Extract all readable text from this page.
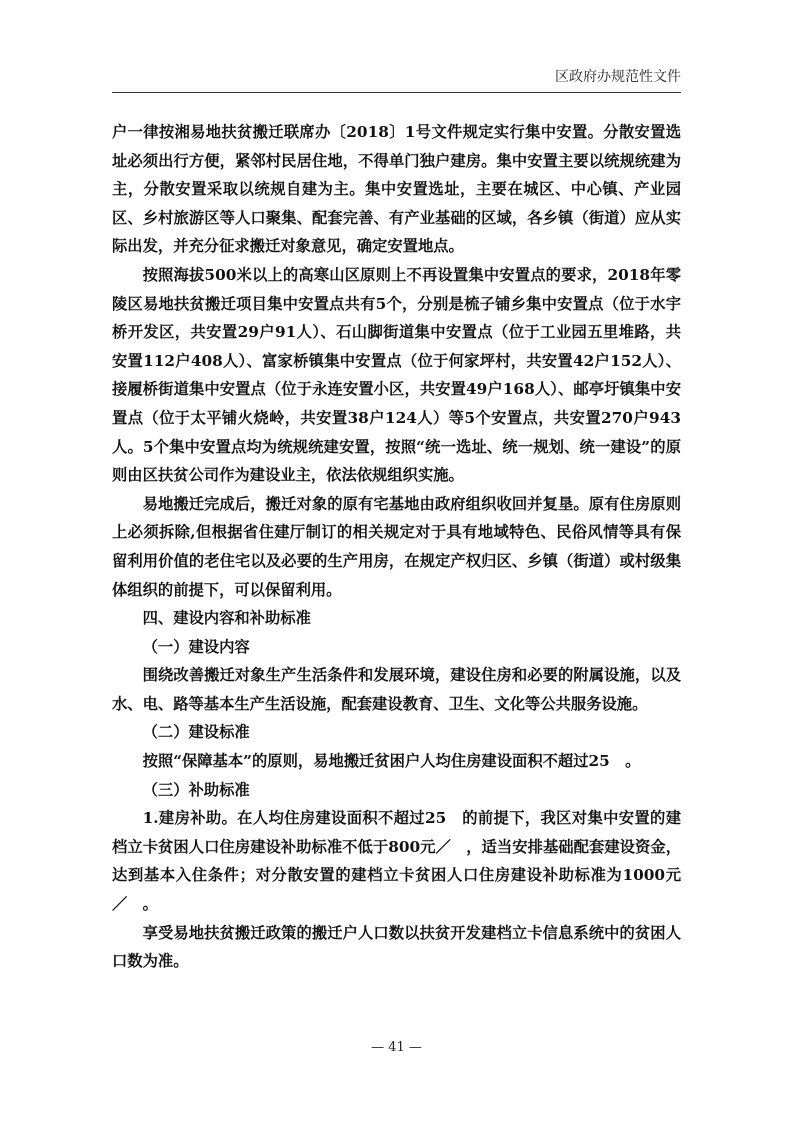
区政府办规范性文件

户一律按湘易地扶贫搬迁联席办〔2018〕1号文件规定实行集中安置。分散安置选址必须出行方便，紧邻村民居住地，不得单门独户建房。集中安置主要以统规统建为主，分散安置采取以统规自建为主。集中安置选址，主要在城区、中心镇、产业园区、乡村旅游区等人口聚集、配套完善、有产业基础的区域，各乡镇（街道）应从实际出发，并充分征求搬迁对象意见，确定安置地点。

按照海拔500米以上的高寒山区原则上不再设置集中安置点的要求，2018年零陵区易地扶贫搬迁项目集中安置点共有5个，分别是梳子铺乡集中安置点（位于水宇桥开发区，共安置29户91人）、石山脚街道集中安置点（位于工业园五里堆路，共安置112户408人）、富家桥镇集中安置点（位于何家坪村，共安置42户152人）、接履桥街道集中安置点（位于永连安置小区，共安置49户168人）、邮亭圩镇集中安置点（位于太平铺火烧岭，共安置38户124人）等5个安置点，共安置270户943人。5个集中安置点均为统规统建安置，按照“统一选址、统一规划、统一建设”的原则由区扶贫公司作为建设业主，依法依规组织实施。

易地搬迁完成后，搬迁对象的原有宅基地由政府组织收回并复垦。原有住房原则上必须拆除,但根据省住建厅制订的相关规定对于具有地域特色、民俗风情等具有保留利用价值的老住宅以及必要的生产用房，在规定产权归区、乡镇（街道）或村级集体组织的前提下，可以保留利用。

四、建设内容和补助标准

（一）建设内容

围绕改善搬迁对象生产生活条件和发展环境，建设住房和必要的附属设施，以及水、电、路等基本生产生活设施，配套建设教育、卫生、文化等公共服务设施。

（二）建设标准

按照“保障基本”的原则，易地搬迁贫困户人均住房建设面积不超过25　。

（三）补助标准

1.建房补助。在人均住房建设面积不超过25　的前提下，我区对集中安置的建档立卡贫困人口住房建设补助标准不低于800元／　，适当安排基础配套建设资金，达到基本入住条件；对分散安置的建档立卡贫困人口住房建设补助标准为1000元／　。

享受易地扶贫搬迁政策的搬迁户人口数以扶贫开发建档立卡信息系统中的贫困人口数为准。

— 41 —
